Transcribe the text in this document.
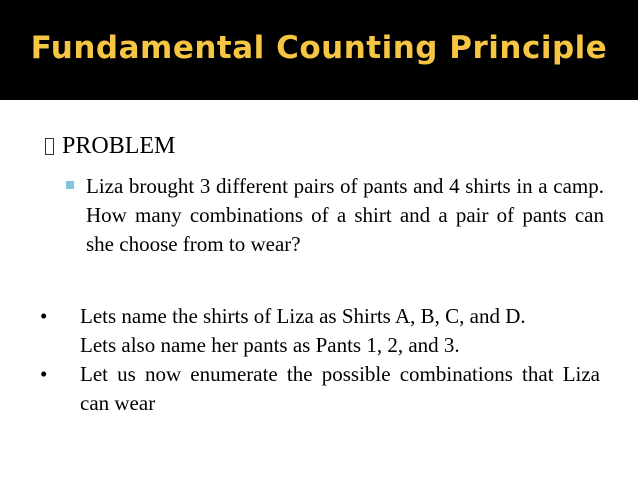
Fundamental Counting Principle
PROBLEM
Liza brought 3 different pairs of pants and 4 shirts in a camp. How many combinations of a shirt and a pair of pants can she choose from to wear?
• Lets name the shirts of Liza as Shirts A, B, C, and D.
Lets also name her pants as Pants 1, 2, and 3.
• Let us now enumerate the possible combinations that Liza can wear
